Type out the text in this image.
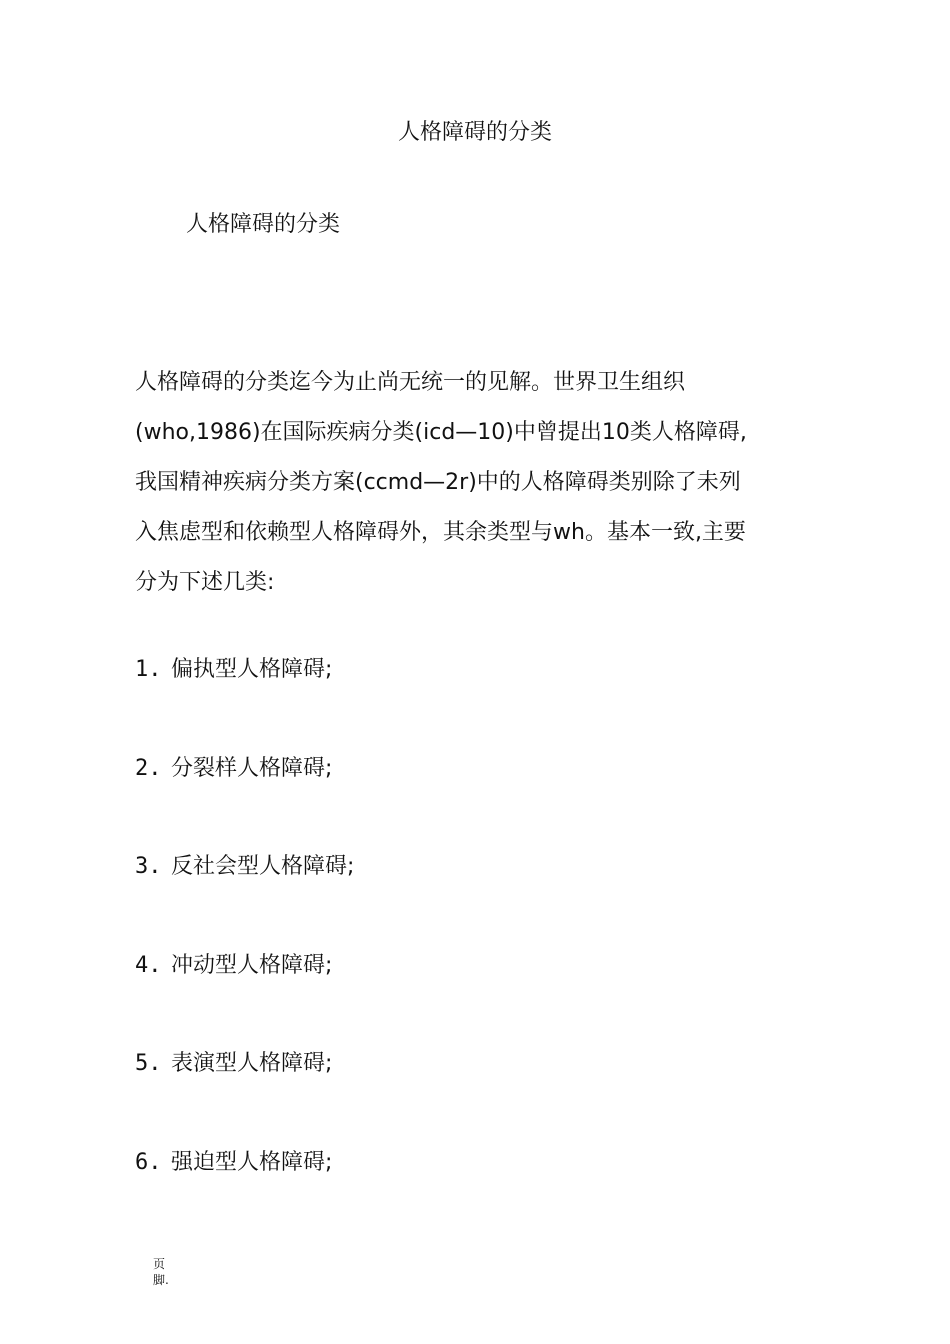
人格障碍的分类
人格障碍的分类
人格障碍的分类迄今为止尚无统一的见解。世界卫生组织
(who,1986)在国际疾病分类(icd—10)中曾提出10类人格障碍,
我国精神疾病分类方案(ccmd—2r)中的人格障碍类别除了未列
入焦虑型和依赖型人格障碍外，其余类型与wh。基本一致,主要
分为下述几类:
1. 偏执型人格障碍;
2. 分裂样人格障碍;
3. 反社会型人格障碍;
4. 冲动型人格障碍;
5. 表演型人格障碍;
6. 强迫型人格障碍;
页
脚.
